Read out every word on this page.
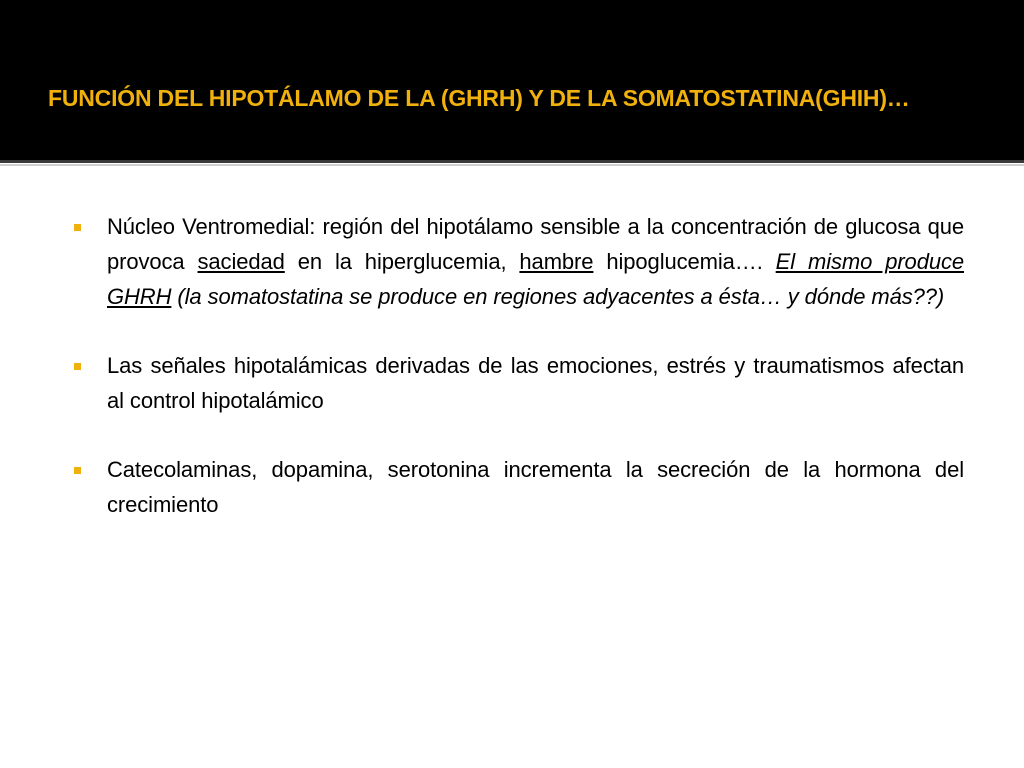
FUNCIÓN DEL HIPOTÁLAMO DE LA (GHRH) Y DE LA SOMATOSTATINA(GHIH)…

Núcleo Ventromedial: región del hipotálamo sensible a la concentración de glucosa que provoca saciedad en la hiperglucemia, hambre hipoglucemia…. El mismo produce GHRH (la somatostatina se produce en regiones adyacentes a ésta… y dónde más??)

Las señales hipotalámicas derivadas de las emociones, estrés y traumatismos afectan al control hipotalámico

Catecolaminas, dopamina, serotonina incrementa la secreción de la hormona del crecimiento
